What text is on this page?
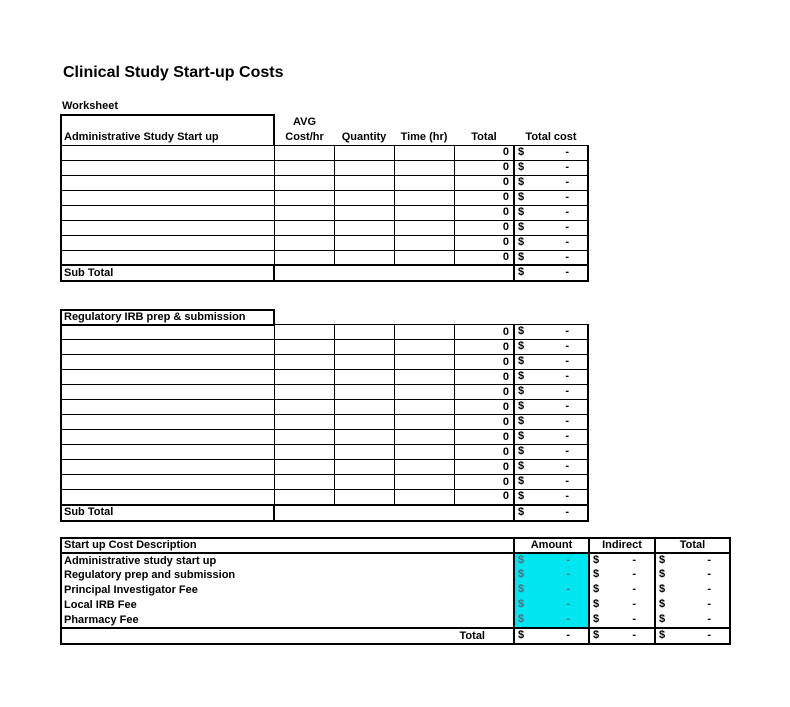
Clinical Study Start-up Costs
Worksheet
	AVG				
Administrative Study Start up	Cost/hr	Quantity	Time (hr)	Total	Total cost
				0	$ -

				0	$ -

				0	$ -

				0	$ -

				0	$ -

				0	$ -

				0	$ -

				0	$ -

Sub Total					$ -
Regulatory IRB prep & submission
				0	$ -

				0	$ -

				0	$ -

				0	$ -

				0	$ -

				0	$ -

				0	$ -

				0	$ -

				0	$ -

				0	$ -

				0	$ -

				0	$ -

Sub Total					$ -
Start up Cost Description	Amount	Indirect	Total
Administrative study start up	$ -	$ -	$ -

Regulatory prep and submission	$ -	$ -	$ -

Principal Investigator Fee	$ -	$ -	$ -

Local IRB Fee	$ -	$ -	$ -

Pharmacy Fee	$ -	$ -	$ -

Total	$ -	$ -	$ -
